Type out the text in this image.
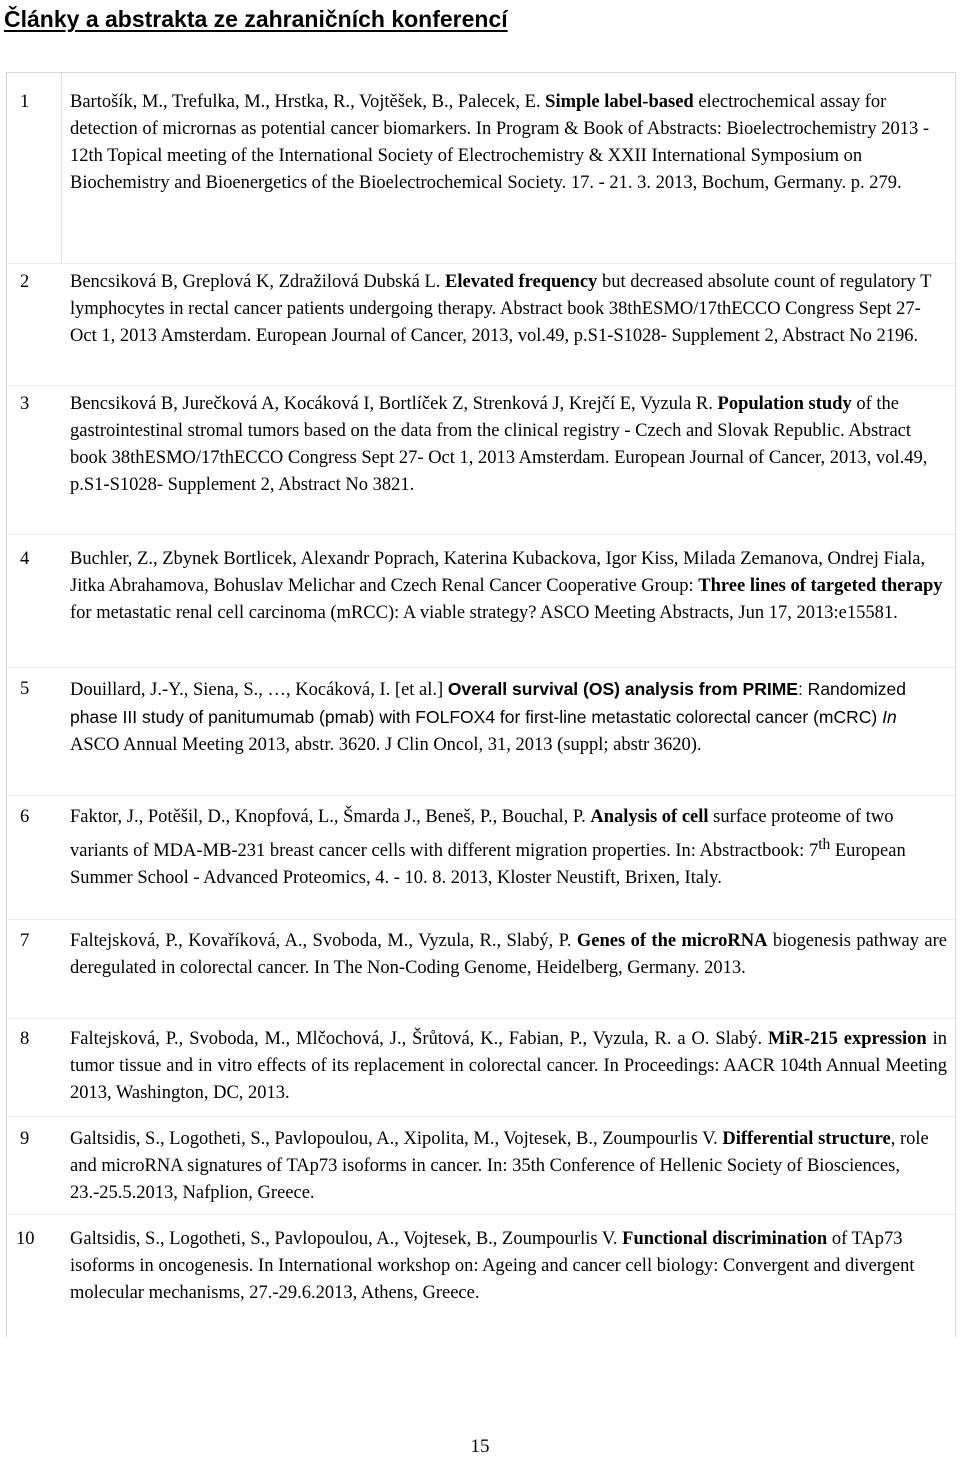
Články a abstrakta ze zahraničních konferencí
1 Bartošík, M., Trefulka, M., Hrstka, R., Vojtěšek, B., Palecek, E. Simple label-based electrochemical assay for detection of micrornas as potential cancer biomarkers. In Program & Book of Abstracts: Bioelectrochemistry 2013 - 12th Topical meeting of the International Society of Electrochemistry & XXII International Symposium on Biochemistry and Bioenergetics of the Bioelectrochemical Society. 17. - 21. 3. 2013, Bochum, Germany. p. 279.

2 Bencsiková B, Greplová K, Zdražilová Dubská L. Elevated frequency but decreased absolute count of regulatory T lymphocytes in rectal cancer patients undergoing therapy. Abstract book 38thESMO/17thECCO Congress Sept 27- Oct 1, 2013 Amsterdam. European Journal of Cancer, 2013, vol.49, p.S1-S1028- Supplement 2, Abstract No 2196.

3 Bencsiková B, Jurečková A, Kocáková I, Bortlíček Z, Strenková J, Krejčí E, Vyzula R. Population study of the gastrointestinal stromal tumors based on the data from the clinical registry - Czech and Slovak Republic. Abstract book 38thESMO/17thECCO Congress Sept 27- Oct 1, 2013 Amsterdam. European Journal of Cancer, 2013, vol.49, p.S1-S1028- Supplement 2, Abstract No 3821.

4 Buchler, Z., Zbynek Bortlicek, Alexandr Poprach, Katerina Kubackova, Igor Kiss, Milada Zemanova, Ondrej Fiala, Jitka Abrahamova, Bohuslav Melichar and Czech Renal Cancer Cooperative Group: Three lines of targeted therapy for metastatic renal cell carcinoma (mRCC): A viable strategy? ASCO Meeting Abstracts, Jun 17, 2013:e15581.

5 Douillard, J.-Y., Siena, S., …, Kocáková, I. [et al.] Overall survival (OS) analysis from PRIME: Randomized phase III study of panitumumab (pmab) with FOLFOX4 for first-line metastatic colorectal cancer (mCRC) In ASCO Annual Meeting 2013, abstr. 3620. J Clin Oncol, 31, 2013 (suppl; abstr 3620).

6 Faktor, J., Potěšil, D., Knopfová, L., Šmarda J., Beneš, P., Bouchal, P. Analysis of cell surface proteome of two variants of MDA-MB-231 breast cancer cells with different migration properties. In: Abstractbook: 7th European Summer School - Advanced Proteomics, 4. - 10. 8. 2013, Kloster Neustift, Brixen, Italy.

7 Faltejsková, P., Kovaříková, A., Svoboda, M., Vyzula, R., Slabý, P. Genes of the microRNA biogenesis pathway are deregulated in colorectal cancer. In The Non-Coding Genome, Heidelberg, Germany. 2013.

8 Faltejsková, P., Svoboda, M., Mlčochová, J., Šrůtová, K., Fabian, P., Vyzula, R. a O. Slabý. MiR-215 expression in tumor tissue and in vitro effects of its replacement in colorectal cancer. In Proceedings: AACR 104th Annual Meeting 2013, Washington, DC, 2013.

9 Galtsidis, S., Logotheti, S., Pavlopoulou, A., Xipolita, M., Vojtesek, B., Zoumpourlis V. Differential structure, role and microRNA signatures of TAp73 isoforms in cancer. In: 35th Conference of Hellenic Society of Biosciences, 23.-25.5.2013, Nafplion, Greece.

10 Galtsidis, S., Logotheti, S., Pavlopoulou, A., Vojtesek, B., Zoumpourlis V. Functional discrimination of TAp73 isoforms in oncogenesis. In International workshop on: Ageing and cancer cell biology: Convergent and divergent molecular mechanisms, 27.-29.6.2013, Athens, Greece.

15
